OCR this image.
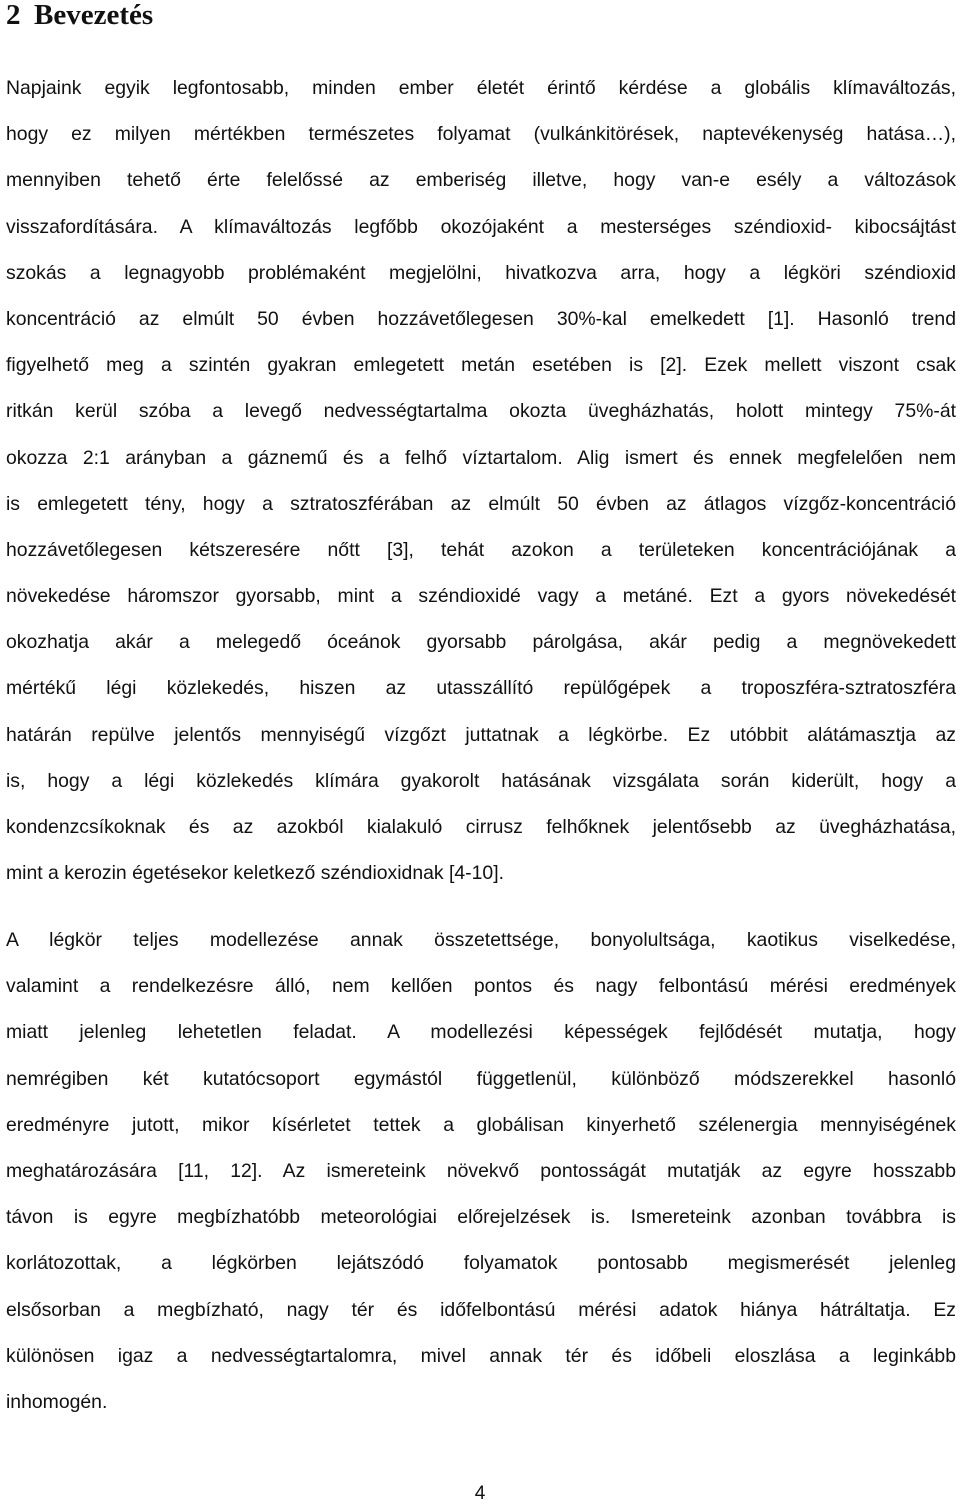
2 Bevezetés
Napjaink egyik legfontosabb, minden ember életét érintő kérdése a globális klímaváltozás,
hogy ez milyen mértékben természetes folyamat (vulkánkitörések, naptevékenység hatása…),
mennyiben tehető érte felelőssé az emberiség illetve, hogy van-e esély a változások
visszafordítására. A klímaváltozás legfőbb okozójaként a mesterséges széndioxid- kibocsájtást
szokás a legnagyobb problémaként megjelölni, hivatkozva arra, hogy a légköri széndioxid
koncentráció az elmúlt 50 évben hozzávetőlegesen 30%-kal emelkedett [1]. Hasonló trend
figyelhető meg a szintén gyakran emlegetett metán esetében is [2]. Ezek mellett viszont csak
ritkán kerül szóba a levegő nedvességtartalma okozta üvegházhatás, holott mintegy 75%-át
okozza 2:1 arányban a gáznemű és a felhő víztartalom. Alig ismert és ennek megfelelően nem
is emlegetett tény, hogy a sztratoszférában az elmúlt 50 évben az átlagos vízgőz-koncentráció
hozzávetőlegesen kétszeresére nőtt [3], tehát azokon a területeken koncentrációjának a
növekedése háromszor gyorsabb, mint a széndioxidé vagy a metáné. Ezt a gyors növekedését
okozhatja akár a melegedő óceánok gyorsabb párolgása, akár pedig a megnövekedett
mértékű légi közlekedés, hiszen az utasszállító repülőgépek a troposzféra-sztratoszféra
határán repülve jelentős mennyiségű vízgőzt juttatnak a légkörbe. Ez utóbbit alátámasztja az
is, hogy a légi közlekedés klímára gyakorolt hatásának vizsgálata során kiderült, hogy a
kondenzcsíkoknak és az azokból kialakuló cirrusz felhőknek jelentősebb az üvegházhatása,
mint a kerozin égetésekor keletkező széndioxidnak [4-10].
A légkör teljes modellezése annak összetettsége, bonyolultsága, kaotikus viselkedése,
valamint a rendelkezésre álló, nem kellően pontos és nagy felbontású mérési eredmények
miatt jelenleg lehetetlen feladat. A modellezési képességek fejlődését mutatja, hogy
nemrégiben két kutatócsoport egymástól függetlenül, különböző módszerekkel hasonló
eredményre jutott, mikor kísérletet tettek a globálisan kinyerhető szélenergia mennyiségének
meghatározására [11, 12]. Az ismereteink növekvő pontosságát mutatják az egyre hosszabb
távon is egyre megbízhatóbb meteorológiai előrejelzések is. Ismereteink azonban továbbra is
korlátozottak, a légkörben lejátszódó folyamatok pontosabb megismerését jelenleg
elsősorban a megbízható, nagy tér és időfelbontású mérési adatok hiánya hátráltatja. Ez
különösen igaz a nedvességtartalomra, mivel annak tér és időbeli eloszlása a leginkább
inhomogén.
4
